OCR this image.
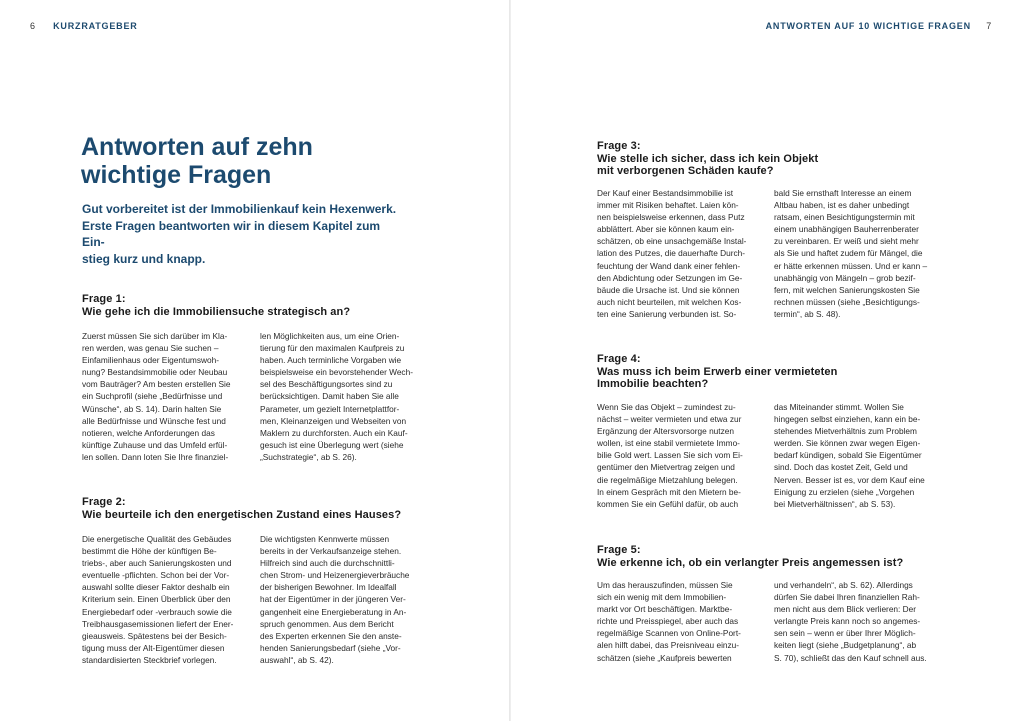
6 KURZRATGEBER
Antworten auf zehn
wichtige Fragen

Gut vorbereitet ist der Immobilienkauf kein Hexenwerk.
Erste Fragen beantworten wir in diesem Kapitel zum Ein-
stieg kurz und knapp.

Frage 1:
Wie gehe ich die Immobiliensuche strategisch an?

Zuerst müssen Sie sich darüber im Kla-
ren werden, was genau Sie suchen –
Einfamilienhaus oder Eigentumswoh-
nung? Bestandsimmobilie oder Neubau
vom Bauträger? Am besten erstellen Sie
ein Suchprofil (siehe „Bedürfnisse und
Wünsche“, ab S. 14). Darin halten Sie
alle Bedürfnisse und Wünsche fest und
notieren, welche Anforderungen das
künftige Zuhause und das Umfeld erfül-
len sollen. Dann loten Sie Ihre finanziel-

len Möglichkeiten aus, um eine Orien-
tierung für den maximalen Kaufpreis zu
haben. Auch terminliche Vorgaben wie
beispielsweise ein bevorstehender Wech-
sel des Beschäftigungsortes sind zu
berücksichtigen. Damit haben Sie alle
Parameter, um gezielt Internetplattfor-
men, Kleinanzeigen und Webseiten von
Maklern zu durchforsten. Auch ein Kauf-
gesuch ist eine Überlegung wert (siehe
„Suchstrategie“, ab S. 26).

Frage 2:
Wie beurteile ich den energetischen Zustand eines Hauses?

Die energetische Qualität des Gebäudes
bestimmt die Höhe der künftigen Be-
triebs-, aber auch Sanierungskosten und
eventuelle -pflichten. Schon bei der Vor-
auswahl sollte dieser Faktor deshalb ein
Kriterium sein. Einen Überblick über den
Energiebedarf oder -verbrauch sowie die
Treibhausgasemissionen liefert der Ener-
gieausweis. Spätestens bei der Besich-
tigung muss der Alt-Eigentümer diesen
standardisierten Steckbrief vorlegen.

Die wichtigsten Kennwerte müssen
bereits in der Verkaufsanzeige stehen.
Hilfreich sind auch die durchschnittli-
chen Strom- und Heizenergieverbräuche
der bisherigen Bewohner. Im Idealfall
hat der Eigentümer in der jüngeren Ver-
gangenheit eine Energieberatung in An-
spruch genommen. Aus dem Bericht
des Experten erkennen Sie den anste-
henden Sanierungsbedarf (siehe „Vor-
auswahl“, ab S. 42).

ANTWORTEN AUF 10 WICHTIGE FRAGEN 7
Frage 3:
Wie stelle ich sicher, dass ich kein Objekt
mit verborgenen Schäden kaufe?

Der Kauf einer Bestandsimmobilie ist
immer mit Risiken behaftet. Laien kön-
nen beispielsweise erkennen, dass Putz
abblättert. Aber sie können kaum ein-
schätzen, ob eine unsachgemäße Instal-
lation des Putzes, die dauerhafte Durch-
feuchtung der Wand dank einer fehlen-
den Abdichtung oder Setzungen im Ge-
bäude die Ursache ist. Und sie können
auch nicht beurteilen, mit welchen Kos-
ten eine Sanierung verbunden ist. So-

bald Sie ernsthaft Interesse an einem
Altbau haben, ist es daher unbedingt
ratsam, einen Besichtigungstermin mit
einem unabhängigen Bauherrenberater
zu vereinbaren. Er weiß und sieht mehr
als Sie und haftet zudem für Mängel, die
er hätte erkennen müssen. Und er kann –
unabhängig von Mängeln – grob bezif-
fern, mit welchen Sanierungskosten Sie
rechnen müssen (siehe „Besichtigungs-
termin“, ab S. 48).

Frage 4:
Was muss ich beim Erwerb einer vermieteten
Immobilie beachten?

Wenn Sie das Objekt – zumindest zu-
nächst – weiter vermieten und etwa zur
Ergänzung der Altersvorsorge nutzen
wollen, ist eine stabil vermietete Immo-
bilie Gold wert. Lassen Sie sich vom Ei-
gentümer den Mietvertrag zeigen und
die regelmäßige Mietzahlung belegen.
In einem Gespräch mit den Mietern be-
kommen Sie ein Gefühl dafür, ob auch

das Miteinander stimmt. Wollen Sie
hingegen selbst einziehen, kann ein be-
stehendes Mietverhältnis zum Problem
werden. Sie können zwar wegen Eigen-
bedarf kündigen, sobald Sie Eigentümer
sind. Doch das kostet Zeit, Geld und
Nerven. Besser ist es, vor dem Kauf eine
Einigung zu erzielen (siehe „Vorgehen
bei Mietverhältnissen“, ab S. 53).

Frage 5:
Wie erkenne ich, ob ein verlangter Preis angemessen ist?

Um das herauszufinden, müssen Sie
sich ein wenig mit dem Immobilien-
markt vor Ort beschäftigen. Marktbe-
richte und Preisspiegel, aber auch das
regelmäßige Scannen von Online-Port-
alen hilft dabei, das Preisniveau einzu-
schätzen (siehe „Kaufpreis bewerten

und verhandeln“, ab S. 62). Allerdings
dürfen Sie dabei Ihren finanziellen Rah-
men nicht aus dem Blick verlieren: Der
verlangte Preis kann noch so angemes-
sen sein – wenn er über Ihrer Möglich-
keiten liegt (siehe „Budgetplanung“, ab
S. 70), schließt das den Kauf schnell aus.
